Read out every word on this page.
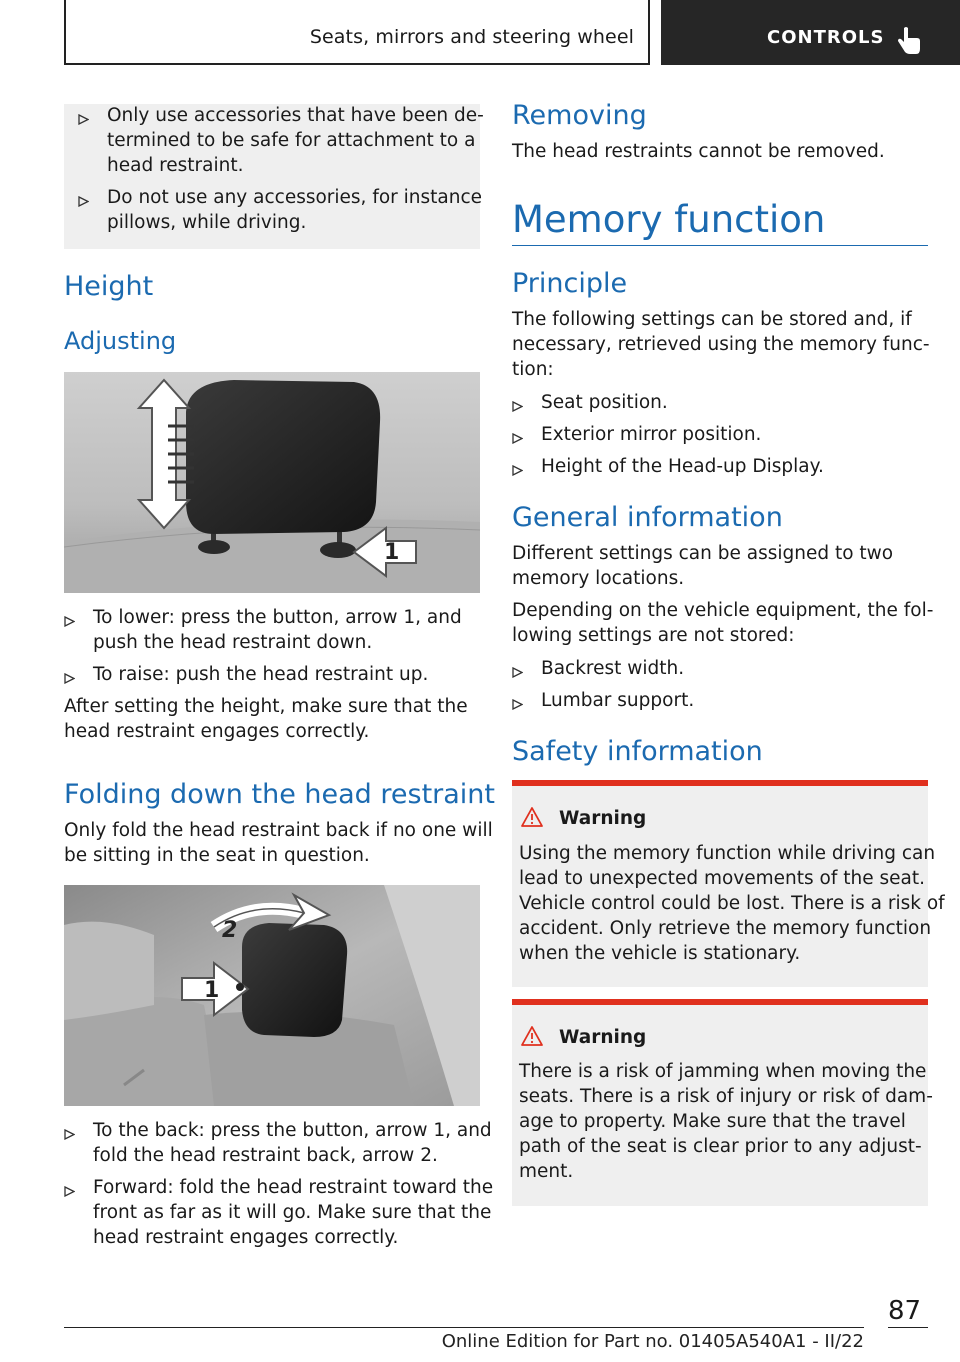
Seats, mirrors and steering wheel	CONTROLS
Only use accessories that have been de-
termined to be safe for attachment to a
head restraint.
Do not use any accessories, for instance
pillows, while driving.
Height
Adjusting
1
To lower: press the button, arrow 1, and
push the head restraint down.
To raise: push the head restraint up.
After setting the height, make sure that the
head restraint engages correctly.
Folding down the head restraint
Only fold the head restraint back if no one will
be sitting in the seat in question.
2
1
To the back: press the button, arrow 1, and
fold the head restraint back, arrow 2.
Forward: fold the head restraint toward the
front as far as it will go. Make sure that the
head restraint engages correctly.
Removing
The head restraints cannot be removed.
Memory function
Principle
The following settings can be stored and, if
necessary, retrieved using the memory func-
tion:
Seat position.
Exterior mirror position.
Height of the Head-up Display.
General information
Different settings can be assigned to two
memory locations.
Depending on the vehicle equipment, the fol-
lowing settings are not stored:
Backrest width.
Lumbar support.
Safety information
Warning
Using the memory function while driving can
lead to unexpected movements of the seat.
Vehicle control could be lost. There is a risk of
accident. Only retrieve the memory function
when the vehicle is stationary.
Warning
There is a risk of jamming when moving the
seats. There is a risk of injury or risk of dam-
age to property. Make sure that the travel
path of the seat is clear prior to any adjust-
ment.
87
Online Edition for Part no. 01405A540A1 - II/22
